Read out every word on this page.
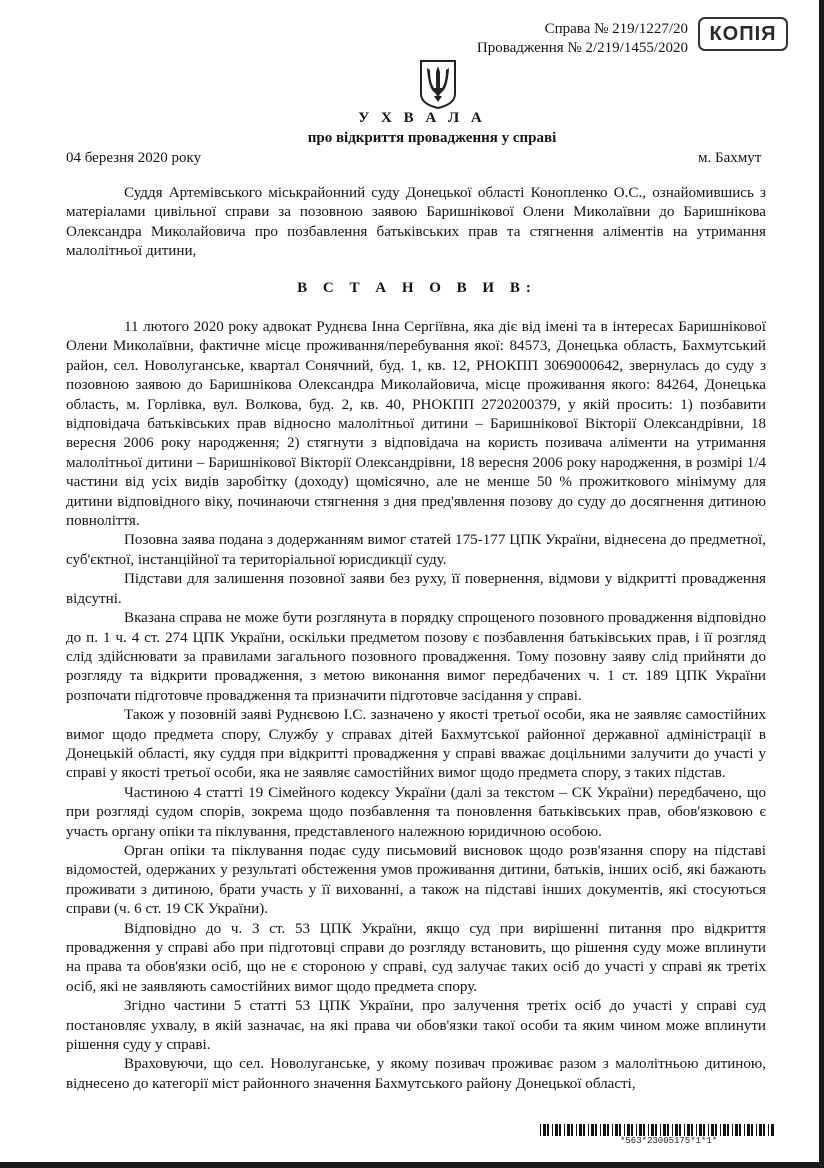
Справа № 219/1227/20
Провадження № 2/219/1455/2020
КОПІЯ
У Х В А Л А
про відкриття провадження у справі
04 березня 2020 року	м. Бахмут

Суддя Артемівського міськрайонний суду Донецької області Конопленко О.С., ознайомившись з матеріалами цивільної справи за позовною заявою Баришнікової Олени Миколаївни до Баришнікова Олександра Миколайовича про позбавлення батьківських прав та стягнення аліментів на утримання малолітньої дитини,

В С Т А Н О В И В:

11 лютого 2020 року адвокат Руднєва Інна Сергіївна, яка діє від імені та в інтересах Баришнікової Олени Миколаївни, фактичне місце проживання/перебування якої: 84573, Донецька область, Бахмутський район, сел. Новолуганське, квартал Сонячний, буд. 1, кв. 12, РНОКПП 3069000642, звернулась до суду з позовною заявою до Баришнікова Олександра Миколайовича, місце проживання якого: 84264, Донецька область, м. Горлівка, вул. Волкова, буд. 2, кв. 40, РНОКПП 2720200379, у якій просить: 1) позбавити відповідача батьківських прав відносно малолітньої дитини – Баришнікової Вікторії Олександрівни, 18 вересня 2006 року народження; 2) стягнути з відповідача на користь позивача аліменти на утримання малолітньої дитини – Баришнікової Вікторії Олександрівни, 18 вересня 2006 року народження, в розмірі 1/4 частини від усіх видів заробітку (доходу) щомісячно, але не менше 50 % прожиткового мінімуму для дитини відповідного віку, починаючи стягнення з дня пред'явлення позову до суду до досягнення дитиною повноліття.

Позовна заява подана з додержанням вимог статей 175-177 ЦПК України, віднесена до предметної, суб'єктної, інстанційної та територіальної юрисдикції суду.

Підстави для залишення позовної заяви без руху, її повернення, відмови у відкритті провадження відсутні.

Вказана справа не може бути розглянута в порядку спрощеного позовного провадження відповідно до п. 1 ч. 4 ст. 274 ЦПК України, оскільки предметом позову є позбавлення батьківських прав, і її розгляд слід здійснювати за правилами загального позовного провадження. Тому позовну заяву слід прийняти до розгляду та відкрити провадження, з метою виконання вимог передбачених ч. 1 ст. 189 ЦПК України розпочати підготовче провадження та призначити підготовче засідання у справі.

Також у позовній заяві Руднєвою І.С. зазначено у якості третьої особи, яка не заявляє самостійних вимог щодо предмета спору, Службу у справах дітей Бахмутської районної державної адміністрації в Донецькій області, яку суддя при відкритті провадження у справі вважає доцільними залучити до участі у справі у якості третьої особи, яка не заявляє самостійних вимог щодо предмета спору, з таких підстав.

Частиною 4 статті 19 Сімейного кодексу України (далі за текстом – СК України) передбачено, що при розгляді судом спорів, зокрема щодо позбавлення та поновлення батьківських прав, обов'язковою є участь органу опіки та піклування, представленого належною юридичною особою.

Орган опіки та піклування подає суду письмовий висновок щодо розв'язання спору на підставі відомостей, одержаних у результаті обстеження умов проживання дитини, батьків, інших осіб, які бажають проживати з дитиною, брати участь у її вихованні, а також на підставі інших документів, які стосуються справи (ч. 6 ст. 19 СК України).

Відповідно до ч. 3 ст. 53 ЦПК України, якщо суд при вирішенні питання про відкриття провадження у справі або при підготовці справи до розгляду встановить, що рішення суду може вплинути на права та обов'язки осіб, що не є стороною у справі, суд залучає таких осіб до участі у справі як третіх осіб, які не заявляють самостійних вимог щодо предмета спору.

Згідно частини 5 статті 53 ЦПК України, про залучення третіх осіб до участі у справі суд постановляє ухвалу, в якій зазначає, на які права чи обов'язки такої особи та яким чином може вплинути рішення суду у справі.

Враховуючи, що сел. Новолуганське, у якому позивач проживає разом з малолітньою дитиною, віднесено до категорії міст районного значення Бахмутського району Донецької області,

*563*23005175*1*1*
